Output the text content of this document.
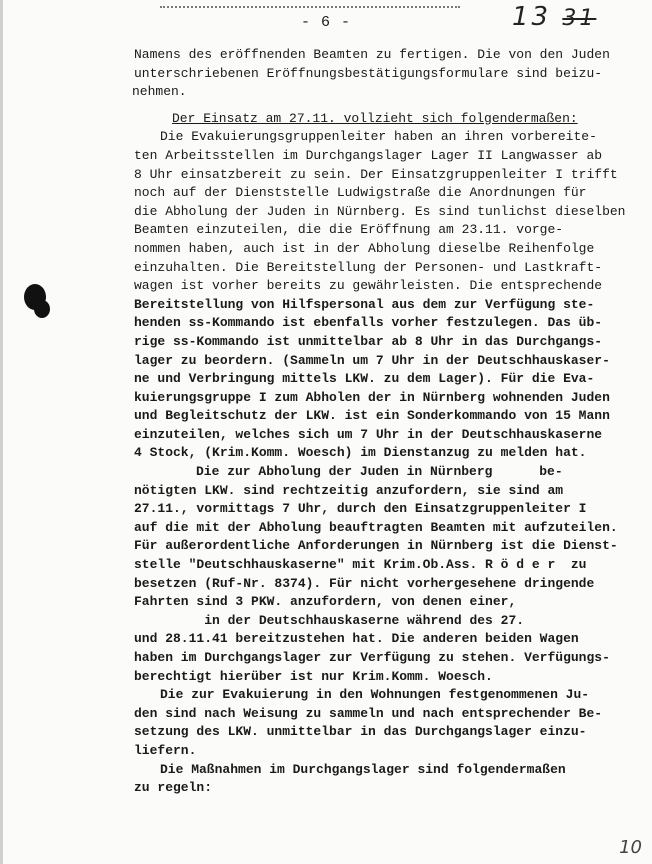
- 6 -	13 31
Namens des eröffnenden Beamten zu fertigen. Die von den Juden
unterschriebenen Eröffnungsbestätigungsformulare sind beizu-
nehmen.
Der Einsatz am 27.11. vollzieht sich folgendermaßen:
Die Evakuierungsgruppenleiter haben an ihren vorbereite-
ten Arbeitsstellen im Durchgangslager Lager II Langwasser ab
8 Uhr einsatzbereit zu sein. Der Einsatzgruppenleiter I trifft
noch auf der Dienststelle Ludwigstraße die Anordnungen für
die Abholung der Juden in Nürnberg. Es sind tunlichst dieselben
Beamten einzuteilen, die die Eröffnung am 23.11. vorge-
nommen haben, auch ist in der Abholung dieselbe Reihenfolge
einzuhalten. Die Bereitstellung der Personen- und Lastkraft-
wagen ist vorher bereits zu gewährleisten. Die entsprechende
Bereitstellung von Hilfspersonal aus dem zur Verfügung ste-
henden ss-Kommando ist ebenfalls vorher festzulegen. Das üb-
rige ss-Kommando ist unmittelbar ab 8 Uhr in das Durchgangs-
lager zu beordern. (Sammeln um 7 Uhr in der Deutschhauskaser-
ne und Verbringung mittels LKW. zu dem Lager). Für die Eva-
kuierungsgruppe I zum Abholen der in Nürnberg wohnenden Juden
und Begleitschutz der LKW. ist ein Sonderkommando von 15 Mann
einzuteilen, welches sich um 7 Uhr in der Deutschhauskaserne
4 Stock, (Krim.Komm. Woesch) im Dienstanzug zu melden hat.
Die zur Abholung der Juden in Nürnberg      be-
nötigten LKW. sind rechtzeitig anzufordern, sie sind am
27.11., vormittags 7 Uhr, durch den Einsatzgruppenleiter I
auf die mit der Abholung beauftragten Beamten mit aufzuteilen.
Für außerordentliche Anforderungen in Nürnberg ist die Dienst-
stelle "Deutschhauskaserne" mit Krim.Ob.Ass. R ö d e r  zu
besetzen (Ruf-Nr. 8374). Für nicht vorhergesehene dringende
Fahrten sind 3 PKW. anzufordern, von denen einer,
in der Deutschhauskaserne während des 27.
und 28.11.41 bereitzustehen hat. Die anderen beiden Wagen
haben im Durchgangslager zur Verfügung zu stehen. Verfügungs-
berechtigt hierüber ist nur Krim.Komm. Woesch.
Die zur Evakuierung in den Wohnungen festgenommenen Ju-
den sind nach Weisung zu sammeln und nach entsprechender Be-
setzung des LKW. unmittelbar in das Durchgangslager einzu-
liefern.
Die Maßnahmen im Durchgangslager sind folgendermaßen
zu regeln:
10
